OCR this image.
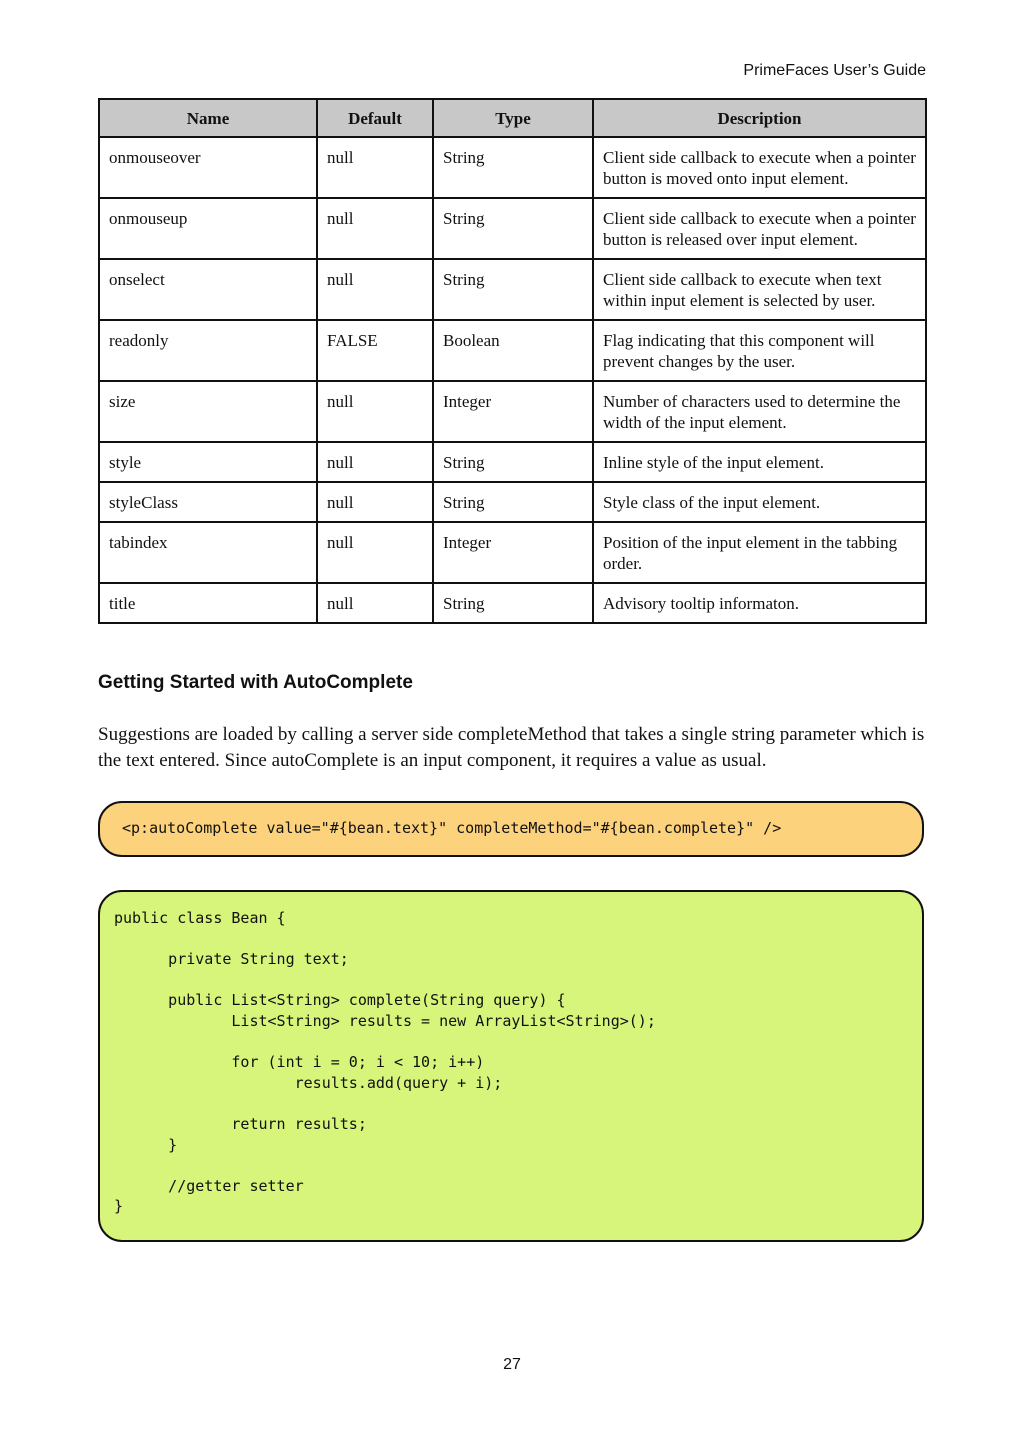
PrimeFaces User’s Guide
Name	Default	Type	Description
onmouseover	null	String	Client side callback to execute when a pointer button is moved onto input element.
onmouseup	null	String	Client side callback to execute when a pointer button is released over input element.
onselect	null	String	Client side callback to execute when text within input element is selected by user.
readonly	FALSE	Boolean	Flag indicating that this component will prevent changes by the user.
size	null	Integer	Number of characters used to determine the width of the input element.
style	null	String	Inline style of the input element.
styleClass	null	String	Style class of the input element.
tabindex	null	Integer	Position of the input element in the tabbing order.
title	null	String	Advisory tooltip informaton.
Getting Started with AutoComplete

Suggestions are loaded by calling a server side completeMethod that takes a single string parameter which is the text entered. Since autoComplete is an input component, it requires a value as usual.

<p:autoComplete value="#{bean.text}" completeMethod="#{bean.complete}" />
public class Bean {
private String text;
public List<String> complete(String query) {
List<String> results = new ArrayList<String>();
for (int i = 0; i < 10; i++)
results.add(query + i);
return results;
}
//getter setter
}
27
